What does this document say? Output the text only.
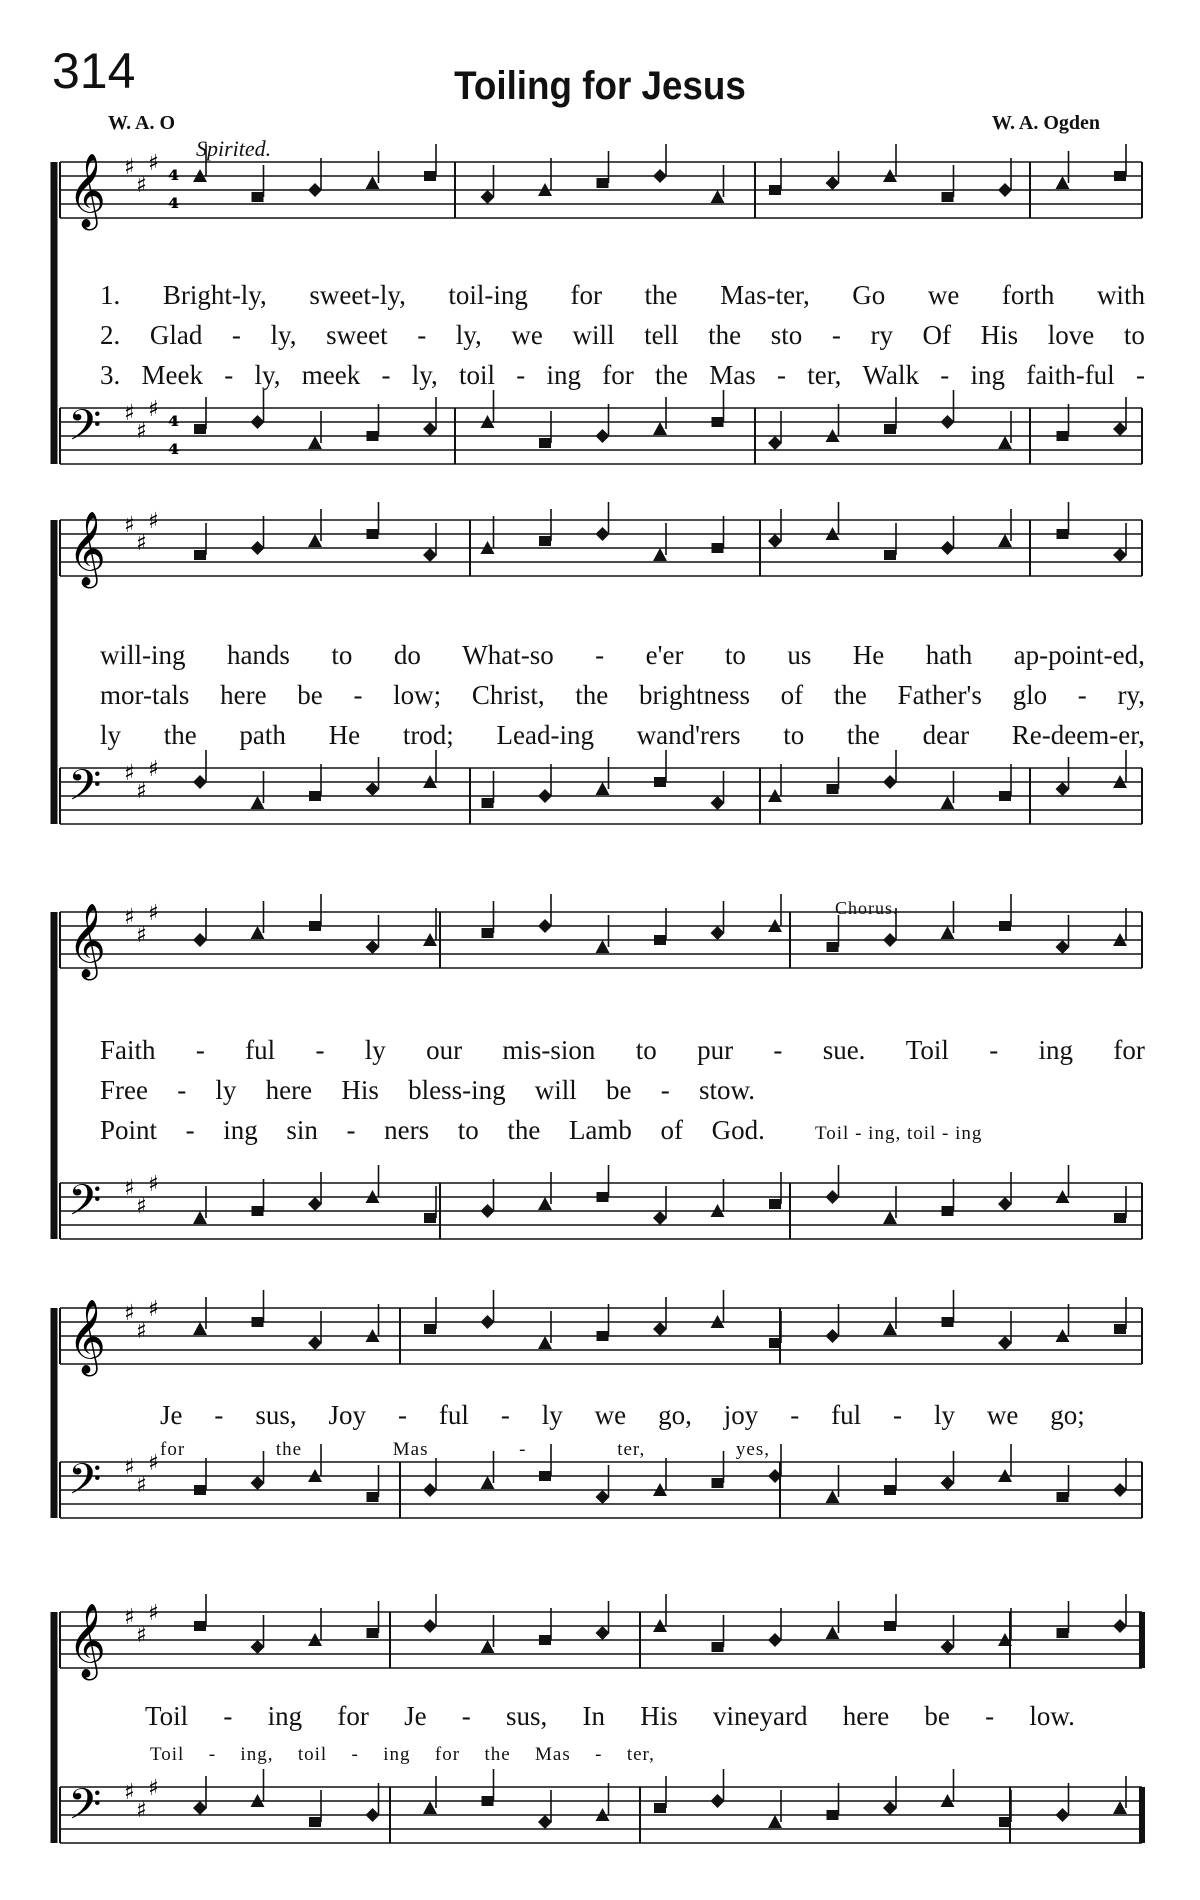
314	Toiling for Jesus
W. A. O	W. A. Ogden
Spirited.
Chorus.
𝄞 ♯
♯
♯
⁴
⁴
𝄢 ♯
♯
♯
⁴
⁴
𝄞 ♯
♯
♯
𝄢 ♯
♯
♯
𝄞 ♯
♯
♯
𝄢 ♯
♯
♯
𝄞 ♯
♯
♯
𝄢 ♯
♯
♯
𝄞 ♯
♯
♯
𝄢 ♯
♯
♯
1. Bright-ly, sweet-ly, toil-ing for the Mas-ter, Go we forth with
2. Glad - ly, sweet - ly, we will tell the sto - ry Of His love to
3. Meek - ly, meek - ly, toil - ing for the Mas - ter, Walk - ing faith-ful -
will-ing hands to do What-so - e'er to us He hath ap-point-ed,
mor-tals here be - low; Christ, the brightness of the Father's glo - ry,
ly the path He trod; Lead-ing wand'rers to the dear Re-deem-er,
Faith - ful - ly our mis-sion to pur - sue. Toil - ing for
Free - ly here His bless-ing will be - stow.
Point - ing sin - ners to the Lamb of God.	Toil - ing, toil - ing
Je - sus, Joy - ful - ly we go, joy - ful - ly we go;
for	the	Mas	-	ter,	yes,
Toil - ing for Je - sus, In His vineyard here be - low.
Toil - ing, toil - ing for the Mas - ter,
